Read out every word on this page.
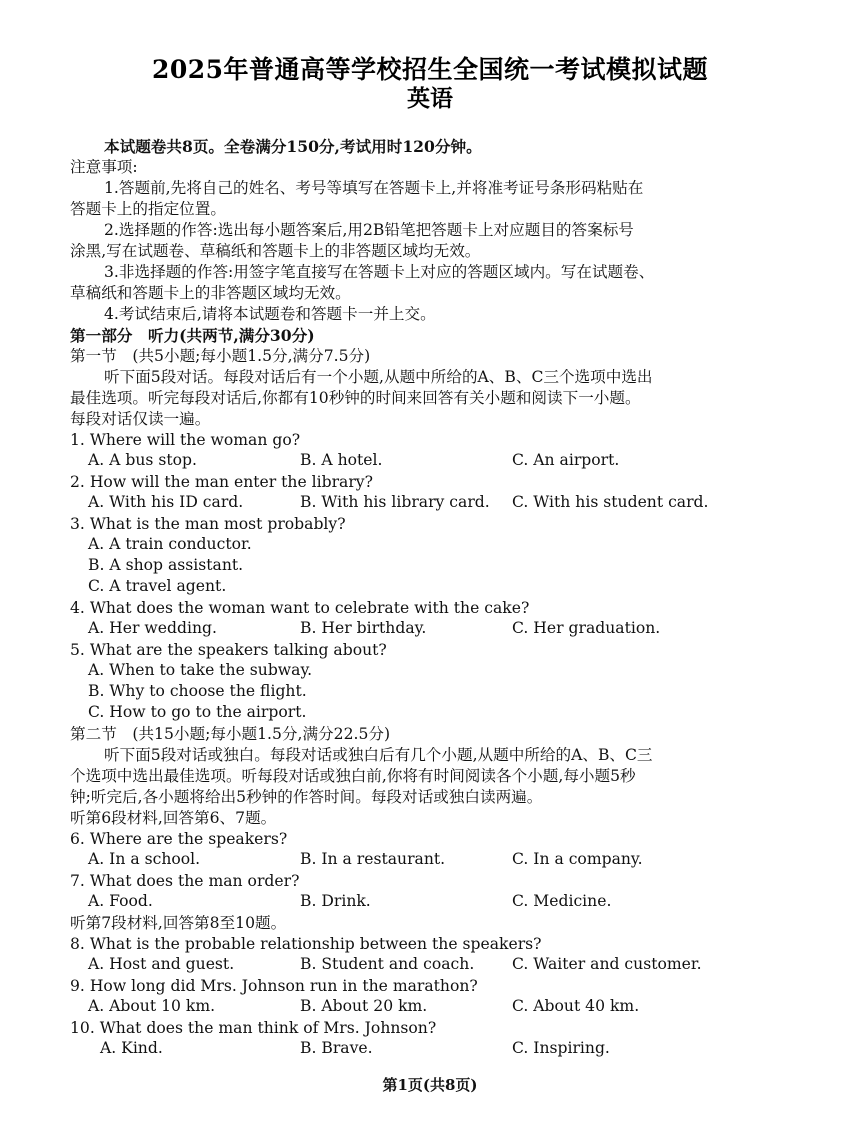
2025年普通高等学校招生全国统一考试模拟试题
英语
本试题卷共8页。全卷满分150分,考试用时120分钟。
注意事项:
1.答题前,先将自己的姓名、考号等填写在答题卡上,并将准考证号条形码粘贴在
答题卡上的指定位置。
2.选择题的作答:选出每小题答案后,用2B铅笔把答题卡上对应题目的答案标号
涂黑,写在试题卷、草稿纸和答题卡上的非答题区域均无效。
3.非选择题的作答:用签字笔直接写在答题卡上对应的答题区域内。写在试题卷、
草稿纸和答题卡上的非答题区域均无效。
4.考试结束后,请将本试题卷和答题卡一并上交。
第一部分　听力(共两节,满分30分)
第一节　(共5小题;每小题1.5分,满分7.5分)
听下面5段对话。每段对话后有一个小题,从题中所给的A、B、C三个选项中选出
最佳选项。听完每段对话后,你都有10秒钟的时间来回答有关小题和阅读下一小题。
每段对话仅读一遍。
1. Where will the woman go?
A. A bus stop.	B. A hotel.	C. An airport.
2. How will the man enter the library?
A. With his ID card.	B. With his library card. C. With his student card.
3. What is the man most probably?
A. A train conductor.
B. A shop assistant.
C. A travel agent.
4. What does the woman want to celebrate with the cake?
A. Her wedding.	B. Her birthday.	C. Her graduation.
5. What are the speakers talking about?
A. When to take the subway.
B. Why to choose the flight.
C. How to go to the airport.
第二节　(共15小题;每小题1.5分,满分22.5分)
听下面5段对话或独白。每段对话或独白后有几个小题,从题中所给的A、B、C三
个选项中选出最佳选项。听每段对话或独白前,你将有时间阅读各个小题,每小题5秒
钟;听完后,各小题将给出5秒钟的作答时间。每段对话或独白读两遍。
听第6段材料,回答第6、7题。
6. Where are the speakers?
A. In a school.	B. In a restaurant.	C. In a company.
7. What does the man order?
A. Food.	B. Drink.	C. Medicine.
听第7段材料,回答第8至10题。
8. What is the probable relationship between the speakers?
A. Host and guest.	B. Student and coach. C. Waiter and customer.
9. How long did Mrs. Johnson run in the marathon?
A. About 10 km.	B. About 20 km.	C. About 40 km.
10. What does the man think of Mrs. Johnson?
A. Kind.	B. Brave.	C. Inspiring.
第1页(共8页)
